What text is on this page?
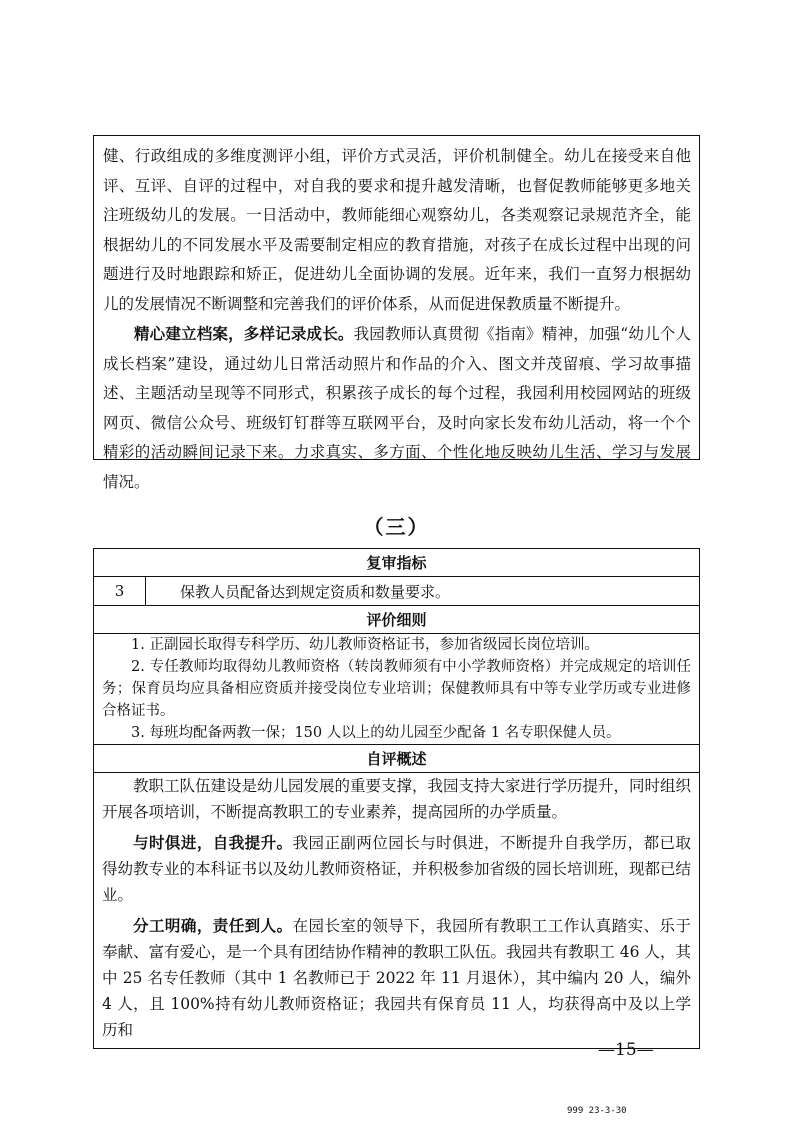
健、行政组成的多维度测评小组，评价方式灵活，评价机制健全。幼儿在接受来自他评、互评、自评的过程中，对自我的要求和提升越发清晰，也督促教师能够更多地关注班级幼儿的发展。一日活动中，教师能细心观察幼儿，各类观察记录规范齐全，能根据幼儿的不同发展水平及需要制定相应的教育措施，对孩子在成长过程中出现的问题进行及时地跟踪和矫正，促进幼儿全面协调的发展。近年来，我们一直努力根据幼儿的发展情况不断调整和完善我们的评价体系，从而促进保教质量不断提升。

精心建立档案，多样记录成长。我园教师认真贯彻《指南》精神，加强“幼儿个人成长档案”建设，通过幼儿日常活动照片和作品的介入、图文并茂留痕、学习故事描述、主题活动呈现等不同形式，积累孩子成长的每个过程，我园利用校园网站的班级网页、微信公众号、班级钉钉群等互联网平台，及时向家长发布幼儿活动，将一个个精彩的活动瞬间记录下来。力求真实、多方面、个性化地反映幼儿生活、学习与发展情况。

（三）
复审指标
3	保教人员配备达到规定资质和数量要求。
评价细则

1. 正副园长取得专科学历、幼儿教师资格证书，参加省级园长岗位培训。

2. 专任教师均取得幼儿教师资格（转岗教师须有中小学教师资格）并完成规定的培训任务；保育员均应具备相应资质并接受岗位专业培训；保健教师具有中等专业学历或专业进修合格证书。

3. 每班均配备两教一保；150 人以上的幼儿园至少配备 1 名专职保健人员。

自评概述

教职工队伍建设是幼儿园发展的重要支撑，我园支持大家进行学历提升，同时组织开展各项培训，不断提高教职工的专业素养，提高园所的办学质量。

与时俱进，自我提升。我园正副两位园长与时俱进，不断提升自我学历，都已取得幼教专业的本科证书以及幼儿教师资格证，并积极参加省级的园长培训班，现都已结业。

分工明确，责任到人。在园长室的领导下，我园所有教职工工作认真踏实、乐于奉献、富有爱心，是一个具有团结协作精神的教职工队伍。我园共有教职工 46 人，其中 25 名专任教师（其中 1 名教师已于 2022 年 11 月退休），其中编内 20 人，编外 4 人，且 100%持有幼儿教师资格证；我园共有保育员 11 人，均获得高中及以上学历和

—15—
999 23-3-30
